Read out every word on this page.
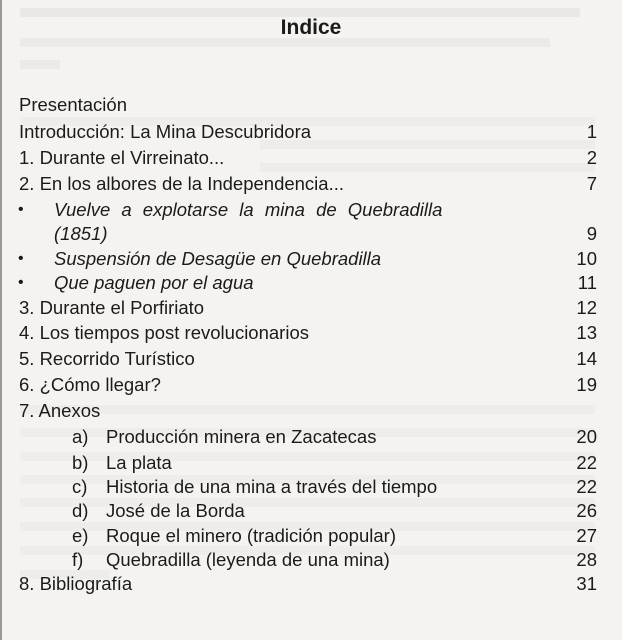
Indice
Presentación
Introducción: La Mina Descubridora	1
1. Durante el Virreinato...	2
2. En los albores de la Independencia...	7
• Vuelve a explotarse la mina de Quebradilla
(1851)	9
• Suspensión de Desagüe en Quebradilla	10
• Que paguen por el agua	11
3. Durante el Porfiriato	12
4. Los tiempos post revolucionarios	13
5. Recorrido Turístico	14
6. ¿Cómo llegar?	19
7. Anexos
a) Producción minera en Zacatecas	20
b) La plata	22
c) Historia de una mina a través del tiempo	22
d) José de la Borda	26
e) Roque el minero (tradición popular)	27
f) Quebradilla (leyenda de una mina)	28
8. Bibliografía	31
